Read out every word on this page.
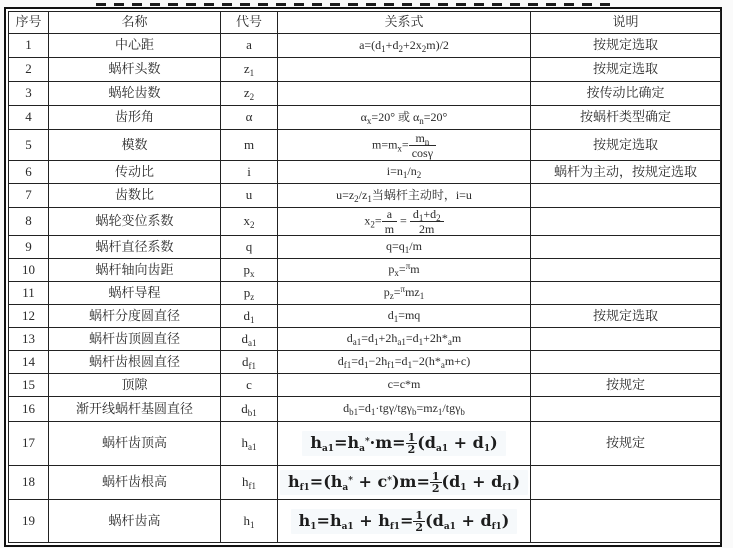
序号	名称	代号	关系式	说明
1	中心距	a	$a=(d_1+d_2+2x_2m)/2$	按规定选取
2	蜗杆头数	$z_1$		按规定选取
3	蜗轮齿数	$z_2$		按传动比确定
4	齿形角	α	$\alpha_x=20^\circ$ 或 $\alpha_n=20^\circ$	按蜗杆类型确定
5	模数	m	$m=m_x= \frac{m_n}{\cos\gamma}$	按规定选取
6	传动比	i	$i=n_1/n_2$	蜗杆为主动，按规定选取
7	齿数比	u	$u=z_2/z_1$当蜗杆主动时，i=u	
8	蜗轮变位系数	$x_2$	$x_2= \frac{a}{m} = \frac{d_1+d_2}{2m}$

9	蜗杆直径系数	q	$q=q_1/m$	
10	蜗杆轴向齿距	$p_x$	$p_x=^\pi m$	
11	蜗杆导程	$p_z$	$p_z=^\pi mz_1$	
12	蜗杆分度圆直径	$d_1$	$d_1=mq$	按规定选取
13	蜗杆齿顶圆直径	$d_{a1}$	$d_{a1}=d_1+2h_{a1}=d_1+2h*_am$	
14	蜗杆齿根圆直径	$d_{f1}$	$d_{f1}=d_1-2h_{f1}=d_1-2(h*_am+c)$	
15	顶隙	c	c=c*m	按规定
16	渐开线蜗杆基圆直径	$d_{b1}$	$d_{b1}=d_1\cdot tg\gamma/tg\gamma_b=mz_1/tg\gamma_b$	
17	蜗杆齿顶高	$h_{a1}$	$h_{a1}=h_a^*\cdot m= \frac{1}{2} (d_{a1} + d_1)$	按规定
18	蜗杆齿根高	$h_{f1}$	$h_{f1}=(h_a^* + c^*)m= \frac{1}{2} (d_1 + d_{f1})$	
19	蜗杆齿高	$h_1$	$h_1=h_{a1} + h_{f1}= \frac{1}{2} (d_{a1} + d_{f1})$	
